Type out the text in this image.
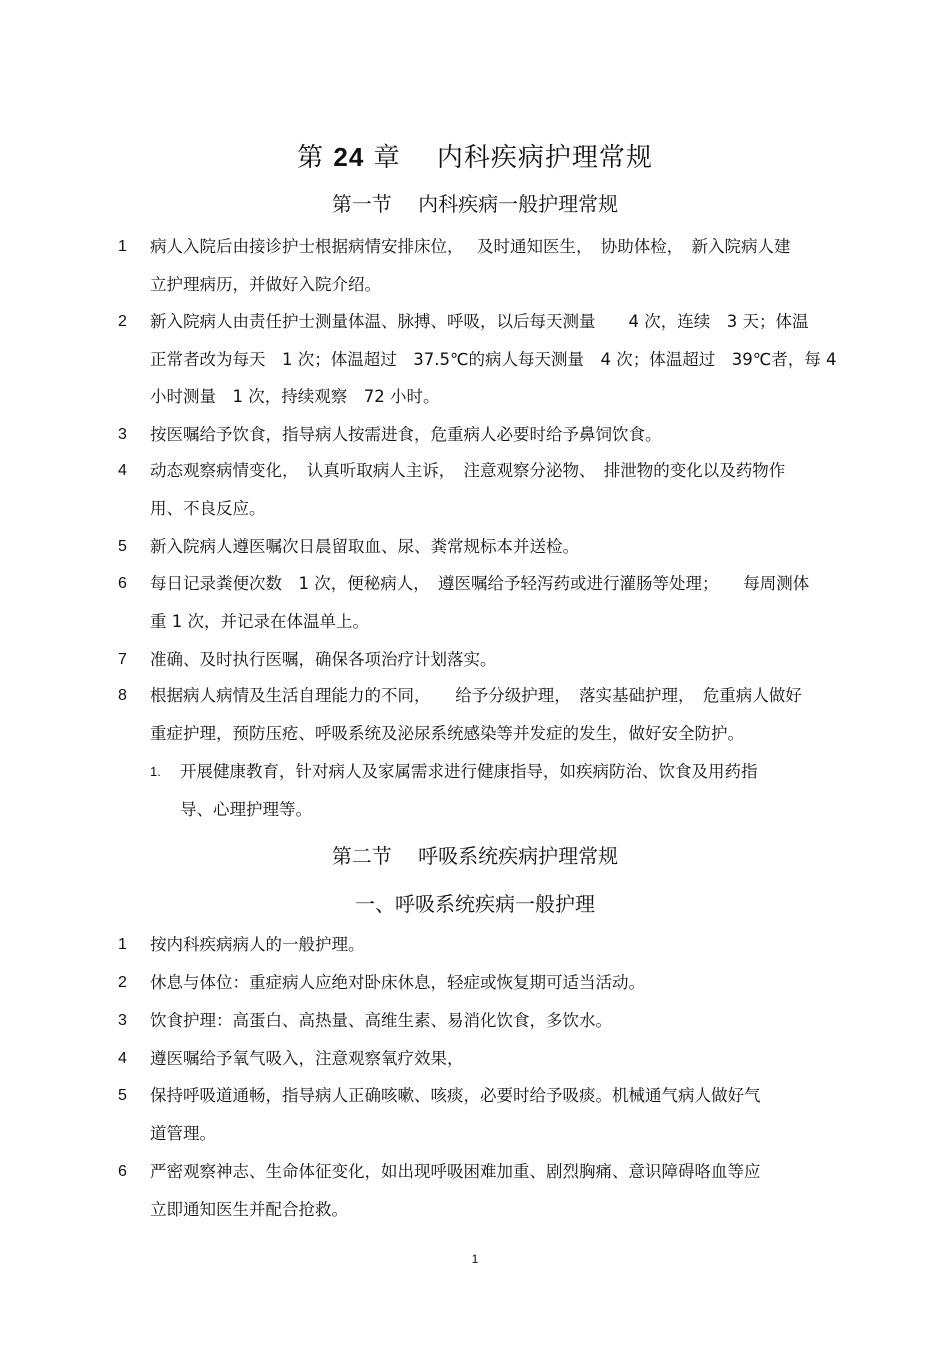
第 24 章　 内科疾病护理常规
第一节　 内科疾病一般护理常规
1 病人入院后由接诊护士根据病情安排床位，　 及时通知医生，　协助体检，　新入院病人建
立护理病历，并做好入院介绍。
2 新入院病人由责任护士测量体温、脉搏、呼吸，以后每天测量　　4 次，连续　3 天；体温
正常者改为每天　1 次；体温超过　37.5℃的病人每天测量　4 次；体温超过　39℃者，每 4
小时测量　1 次，持续观察　72 小时。
3 按医嘱给予饮食，指导病人按需进食，危重病人必要时给予鼻饲饮食。
4 动态观察病情变化，　认真听取病人主诉，　注意观察分泌物、　排泄物的变化以及药物作
用、不良反应。
5 新入院病人遵医嘱次日晨留取血、尿、粪常规标本并送检。
6 每日记录粪便次数　1 次，便秘病人，　遵医嘱给予轻泻药或进行灌肠等处理；　　每周测体
重 1 次，并记录在体温单上。
7 准确、及时执行医嘱，确保各项治疗计划落实。
8 根据病人病情及生活自理能力的不同，　　给予分级护理，　落实基础护理，　危重病人做好
重症护理，预防压疮、呼吸系统及泌尿系统感染等并发症的发生，做好安全防护。
1. 开展健康教育，针对病人及家属需求进行健康指导，如疾病防治、饮食及用药指
导、心理护理等。
第二节　 呼吸系统疾病护理常规
一、呼吸系统疾病一般护理
1 按内科疾病病人的一般护理。
2 休息与体位：重症病人应绝对卧床休息，轻症或恢复期可适当活动。
3 饮食护理：高蛋白、高热量、高维生素、易消化饮食，多饮水。
4 遵医嘱给予氧气吸入，注意观察氧疗效果，
5 保持呼吸道通畅，指导病人正确咳嗽、咳痰，必要时给予吸痰。机械通气病人做好气
道管理。
6 严密观察神志、生命体征变化，如出现呼吸困难加重、剧烈胸痛、意识障碍咯血等应
立即通知医生并配合抢救。
1
